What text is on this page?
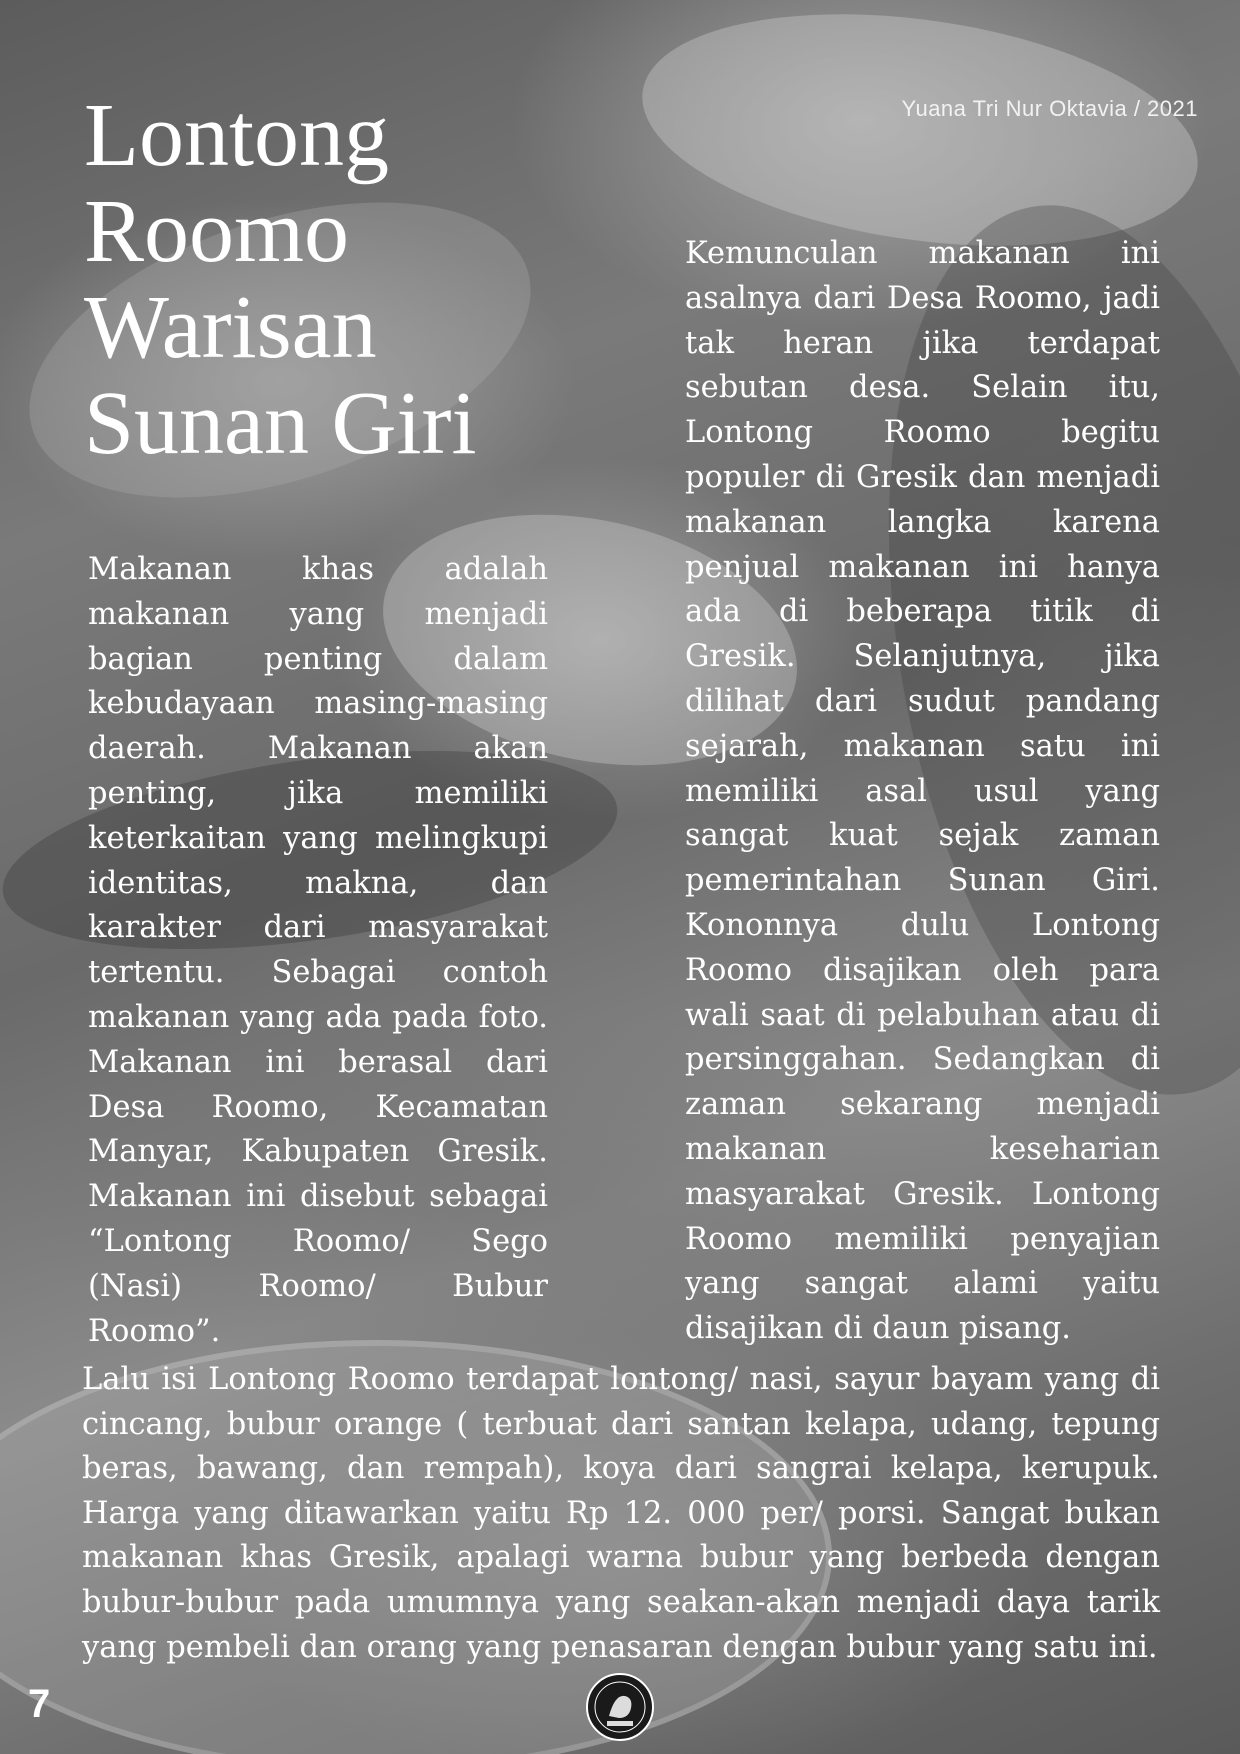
Yuana Tri Nur Oktavia / 2021
Lontong
Roomo
Warisan
Sunan Giri

Makanan khas adalah makanan yang menjadi bagian penting dalam kebudayaan masing-masing daerah. Makanan akan penting, jika memiliki keterkaitan yang melingkupi identitas, makna, dan karakter dari masyarakat tertentu. Sebagai contoh makanan yang ada pada foto. Makanan ini berasal dari Desa Roomo, Kecamatan Manyar, Kabupaten Gresik. Makanan ini disebut sebagai “Lontong Roomo/ Sego (Nasi) Roomo/ Bubur Roomo”.

Kemunculan makanan ini asalnya dari Desa Roomo, jadi tak heran jika terdapat sebutan desa. Selain itu, Lontong Roomo begitu populer di Gresik dan menjadi makanan langka karena penjual makanan ini hanya ada di beberapa titik di Gresik. Selanjutnya, jika dilihat dari sudut pandang sejarah, makanan satu ini memiliki asal usul yang sangat kuat sejak zaman pemerintahan Sunan Giri. Kononnya dulu Lontong Roomo disajikan oleh para wali saat di pelabuhan atau di persinggahan. Sedangkan di zaman sekarang menjadi makanan keseharian masyarakat Gresik. Lontong Roomo memiliki penyajian yang sangat alami yaitu disajikan di daun pisang.

Lalu isi Lontong Roomo terdapat lontong/ nasi, sayur bayam yang di cincang, bubur orange ( terbuat dari santan kelapa, udang, tepung beras, bawang, dan rempah), koya dari sangrai kelapa, kerupuk. Harga yang ditawarkan yaitu Rp 12. 000 per/ porsi. Sangat bukan makanan khas Gresik, apalagi warna bubur yang berbeda dengan bubur-bubur pada umumnya yang seakan-akan menjadi daya tarik yang pembeli dan orang yang penasaran dengan bubur yang satu ini.

7
